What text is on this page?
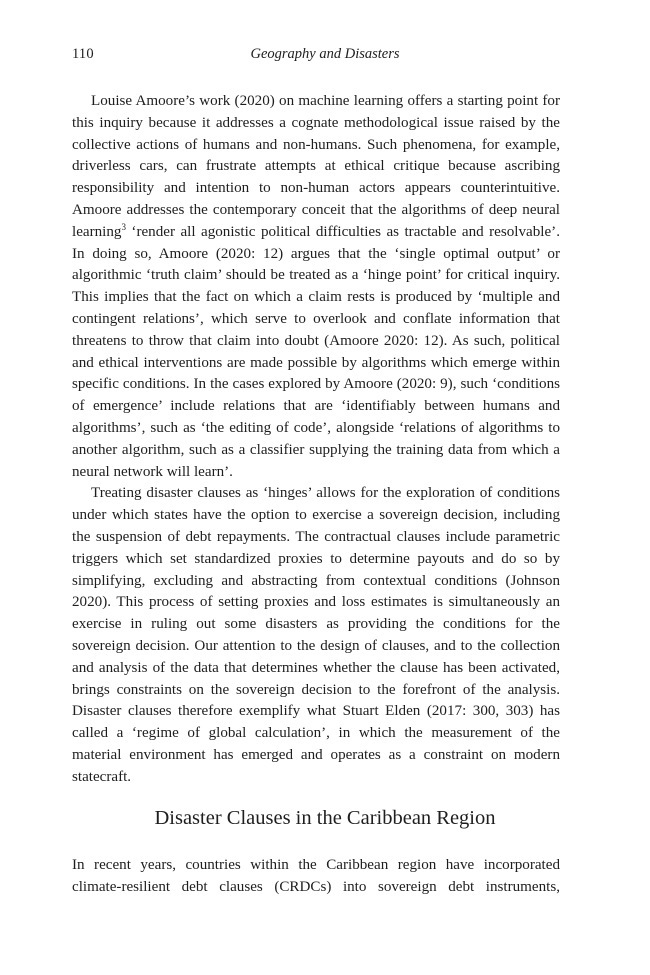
110	Geography and Disasters

Louise Amoore’s work (2020) on machine learning offers a starting point for this inquiry because it addresses a cognate methodological issue raised by the collective actions of humans and non-humans. Such phenomena, for example, driverless cars, can frustrate attempts at ethical critique because ascribing responsibility and intention to non-human actors appears counterintuitive. Amoore addresses the contemporary conceit that the algorithms of deep neural learning$^3$ ‘render all agonistic political difficulties as tractable and resolvable’. In doing so, Amoore (2020: 12) argues that the ‘single optimal output’ or algorithmic ‘truth claim’ should be treated as a ‘hinge point’ for critical inquiry. This implies that the fact on which a claim rests is produced by ‘multiple and contingent relations’, which serve to overlook and conflate information that threatens to throw that claim into doubt (Amoore 2020: 12). As such, political and ethical interventions are made possible by algorithms which emerge within specific conditions. In the cases explored by Amoore (2020: 9), such ‘conditions of emergence’ include relations that are ‘identifiably between humans and algorithms’, such as ‘the editing of code’, alongside ‘relations of algorithms to another algorithm, such as a classifier supplying the training data from which a neural network will learn’.

Treating disaster clauses as ‘hinges’ allows for the exploration of conditions under which states have the option to exercise a sovereign decision, including the suspension of debt repayments. The contractual clauses include parametric triggers which set standardized proxies to determine payouts and do so by simplifying, excluding and abstracting from contextual conditions (Johnson 2020). This process of setting proxies and loss estimates is simultaneously an exercise in ruling out some disasters as providing the conditions for the sovereign decision. Our attention to the design of clauses, and to the collection and analysis of the data that determines whether the clause has been activated, brings constraints on the sovereign decision to the forefront of the analysis. Disaster clauses therefore exemplify what Stuart Elden (2017: 300, 303) has called a ‘regime of global calculation’, in which the measurement of the material environment has emerged and operates as a constraint on modern statecraft.

Disaster Clauses in the Caribbean Region

In recent years, countries within the Caribbean region have incorporated climate-resilient debt clauses (CRDCs) into sovereign debt instruments,
